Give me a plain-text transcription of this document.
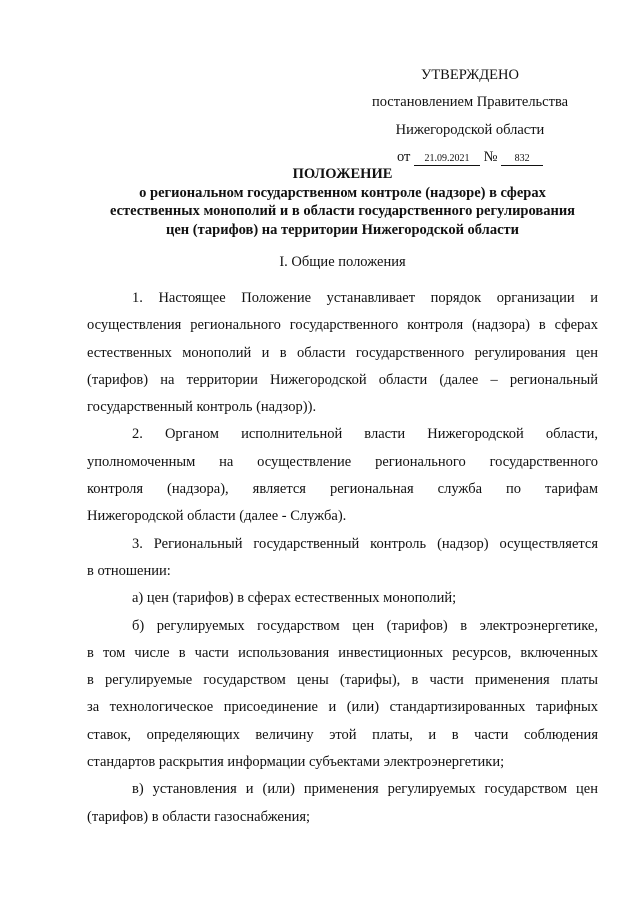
УТВЕРЖДЕНО
постановлением Правительства
Нижегородской области
от 21.09.2021 № 832
ПОЛОЖЕНИЕ
о региональном государственном контроле (надзоре) в сферах
естественных монополий и в области государственного регулирования
цен (тарифов) на территории Нижегородской области
I. Общие положения
1. Настоящее Положение устанавливает порядок организации и
осуществления регионального государственного контроля (надзора) в сферах
естественных монополий и в области государственного регулирования цен
(тарифов) на территории Нижегородской области (далее – региональный
государственный контроль (надзор)).
2. Органом исполнительной власти Нижегородской области,
уполномоченным на осуществление регионального государственного
контроля (надзора), является региональная служба по тарифам
Нижегородской области (далее - Служба).
3. Региональный государственный контроль (надзор) осуществляется
в отношении:
а) цен (тарифов) в сферах естественных монополий;
б) регулируемых государством цен (тарифов) в электроэнергетике,
в том числе в части использования инвестиционных ресурсов, включенных
в регулируемые государством цены (тарифы), в части применения платы
за технологическое присоединение и (или) стандартизированных тарифных
ставок, определяющих величину этой платы, и в части соблюдения
стандартов раскрытия информации субъектами электроэнергетики;
в) установления и (или) применения регулируемых государством цен
(тарифов) в области газоснабжения;
